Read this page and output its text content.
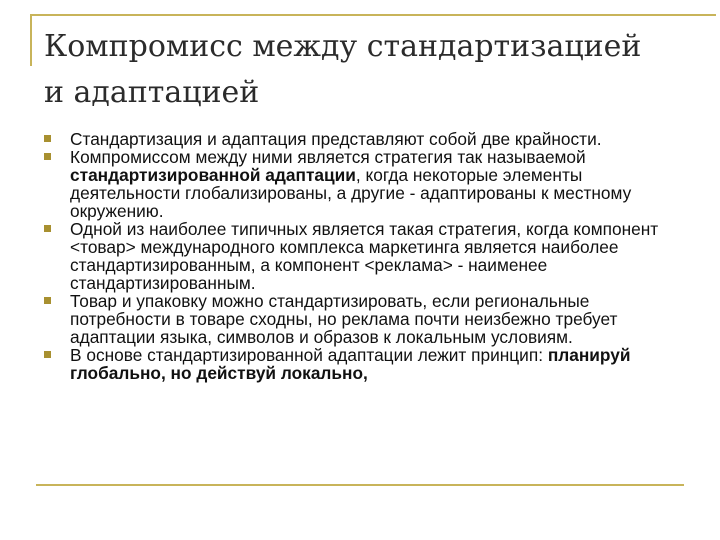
Компромисс между стандартизацией
и адаптацией
Стандартизация и адаптация представляют собой две крайности.
Компромиссом между ними является стратегия так называемой стандартизированной адаптации, когда некоторые элементы деятельности глобализированы, а другие - адаптированы к местному окружению.
Одной из наиболее типичных является такая стратегия, когда компонент <товар> международного комплекса маркетинга является наиболее стандартизированным, а компонент <реклама> - наименее стандартизированным.
Товар и упаковку можно стандартизировать, если региональные потребности в товаре сходны, но реклама почти неизбежно требует адаптации языка, символов и образов к локальным условиям.
В основе стандартизированной адаптации лежит принцип: планируй глобально, но действуй локально,
